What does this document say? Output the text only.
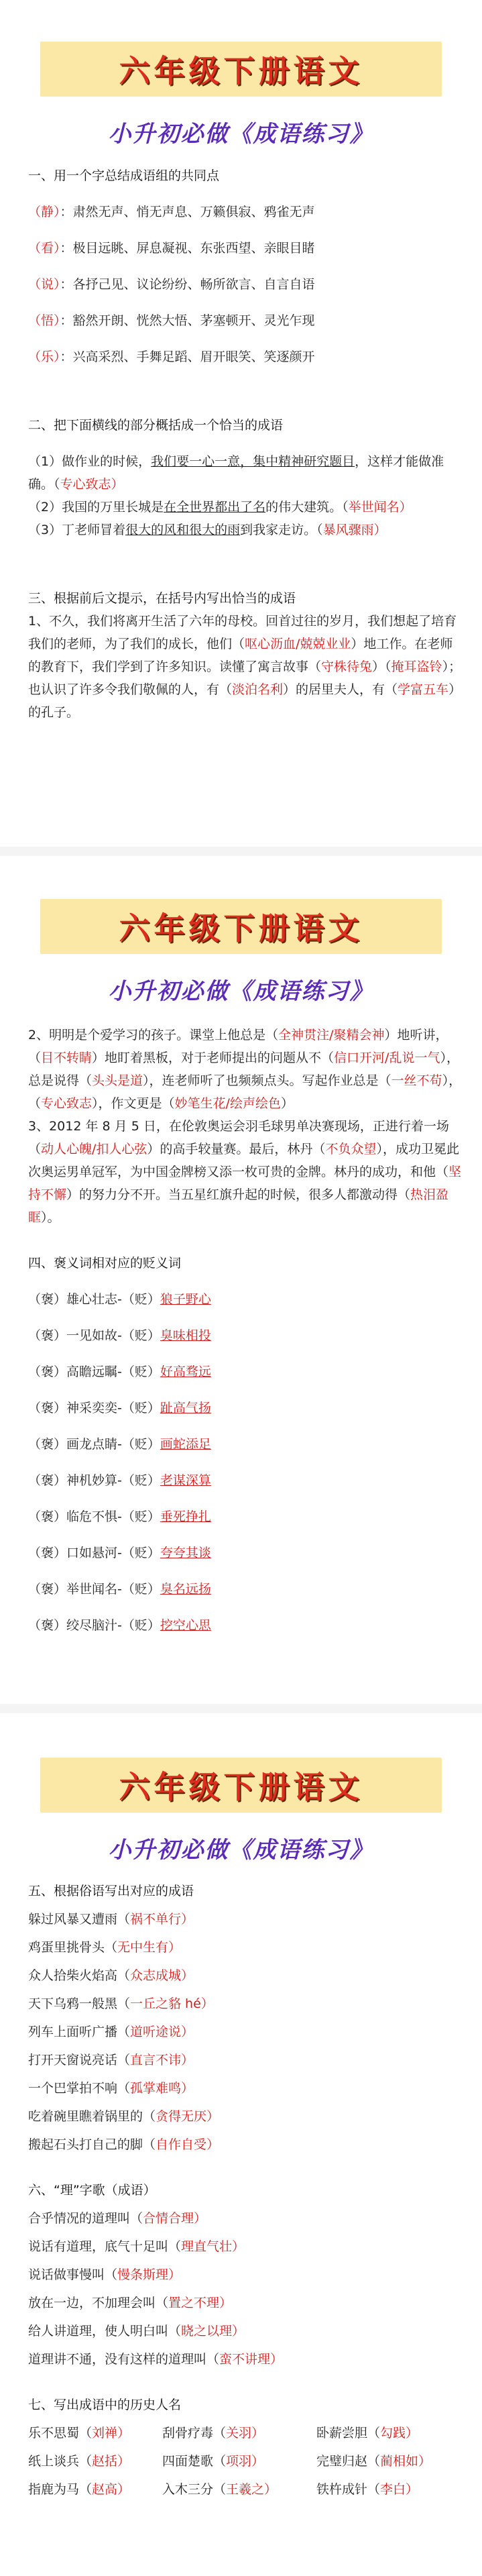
六年级下册语文
小升初必做《成语练习》

一、用一个字总结成语组的共同点

（静）：肃然无声、悄无声息、万籁俱寂、鸦雀无声

（看）：极目远眺、屏息凝视、东张西望、亲眼目睹

（说）：各抒己见、议论纷纷、畅所欲言、自言自语

（悟）：豁然开朗、恍然大悟、茅塞顿开、灵光乍现

（乐）：兴高采烈、手舞足蹈、眉开眼笑、笑逐颜开

二、把下面横线的部分概括成一个恰当的成语

（1）做作业的时候，我们要一心一意，集中精神研究题目，这样才能做准确。（专心致志）

（2）我国的万里长城是在全世界都出了名的伟大建筑。（举世闻名）

（3）丁老师冒着很大的风和很大的雨到我家走访。（暴风骤雨）

三、根据前后文提示，在括号内写出恰当的成语

1、不久，我们将离开生活了六年的母校。回首过往的岁月，我们想起了培育我们的老师，为了我们的成长，他们（呕心沥血/兢兢业业）地工作。在老师的教育下，我们学到了许多知识。读懂了寓言故事（守株待兔）（掩耳盗铃）；也认识了许多令我们敬佩的人，有（淡泊名利）的居里夫人，有（学富五车）的孔子。

六年级下册语文
小升初必做《成语练习》

2、明明是个爱学习的孩子。课堂上他总是（全神贯注/聚精会神）地听讲，（目不转睛）地盯着黑板，对于老师提出的问题从不（信口开河/乱说一气），总是说得（头头是道），连老师听了也频频点头。写起作业总是（一丝不苟），（专心致志），作文更是（妙笔生花/绘声绘色）

3、2012 年 8 月 5 日，在伦敦奥运会羽毛球男单决赛现场，正进行着一场（动人心魄/扣人心弦）的高手较量赛。最后，林丹（不负众望），成功卫冕此次奥运男单冠军，为中国金牌榜又添一枚可贵的金牌。林丹的成功，和他（坚持不懈）的努力分不开。当五星红旗升起的时候，很多人都激动得（热泪盈眶）。

四、褒义词相对应的贬义词

（褒）雄心壮志-（贬）狼子野心

（褒）一见如故-（贬）臭味相投

（褒）高瞻远瞩-（贬）好高骛远

（褒）神采奕奕-（贬）趾高气扬

（褒）画龙点睛-（贬）画蛇添足

（褒）神机妙算-（贬）老谋深算

（褒）临危不惧-（贬）垂死挣扎

（褒）口如悬河-（贬）夸夸其谈

（褒）举世闻名-（贬）臭名远扬

（褒）绞尽脑汁-（贬）挖空心思

六年级下册语文
小升初必做《成语练习》

五、根据俗语写出对应的成语

躲过风暴又遭雨（祸不单行）

鸡蛋里挑骨头（无中生有）

众人拾柴火焰高（众志成城）

天下乌鸦一般黑（一丘之貉 hé）

列车上面听广播（道听途说）

打开天窗说亮话（直言不讳）

一个巴掌拍不响（孤掌难鸣）

吃着碗里瞧着锅里的（贪得无厌）

搬起石头打自己的脚（自作自受）

六、“理”字歌（成语）

合乎情况的道理叫（合情合理）

说话有道理，底气十足叫（理直气壮）

说话做事慢叫（慢条斯理）

放在一边，不加理会叫（置之不理）

给人讲道理，使人明白叫（晓之以理）

道理讲不通，没有这样的道理叫（蛮不讲理）

七、写出成语中的历史人名

乐不思蜀（刘禅）	刮骨疗毒（关羽）	卧薪尝胆（勾践）
纸上谈兵（赵括）	四面楚歌（项羽）	完璧归赵（蔺相如）
指鹿为马（赵高）	入木三分（王羲之）	铁杵成针（李白）
